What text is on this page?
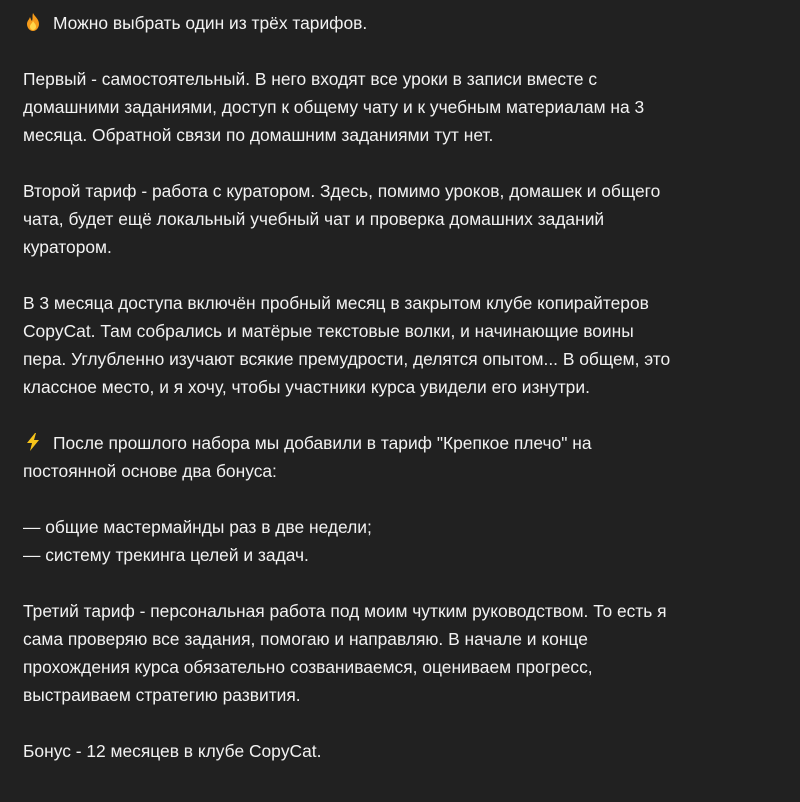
Можно выбрать один из трёх тарифов.

Первый - самостоятельный. В него входят все уроки в записи вместе с

домашними заданиями, доступ к общему чату и к учебным материалам на 3

месяца. Обратной связи по домашним заданиями тут нет.

Второй тариф - работа с куратором. Здесь, помимо уроков, домашек и общего

чата, будет ещё локальный учебный чат и проверка домашних заданий

куратором.

В 3 месяца доступа включён пробный месяц в закрытом клубе копирайтеров

CopyCat. Там собрались и матёрые текстовые волки, и начинающие воины

пера. Углубленно изучают всякие премудрости, делятся опытом... В общем, это

классное место, и я хочу, чтобы участники курса увидели его изнутри.

После прошлого набора мы добавили в тариф "Крепкое плечо" на

постоянной основе два бонуса:

— общие мастермайнды раз в две недели;

— систему трекинга целей и задач.

Третий тариф - персональная работа под моим чутким руководством. То есть я

сама проверяю все задания, помогаю и направляю. В начале и конце

прохождения курса обязательно созваниваемся, оцениваем прогресс,

выстраиваем стратегию развития.

Бонус - 12 месяцев в клубе CopyCat.
